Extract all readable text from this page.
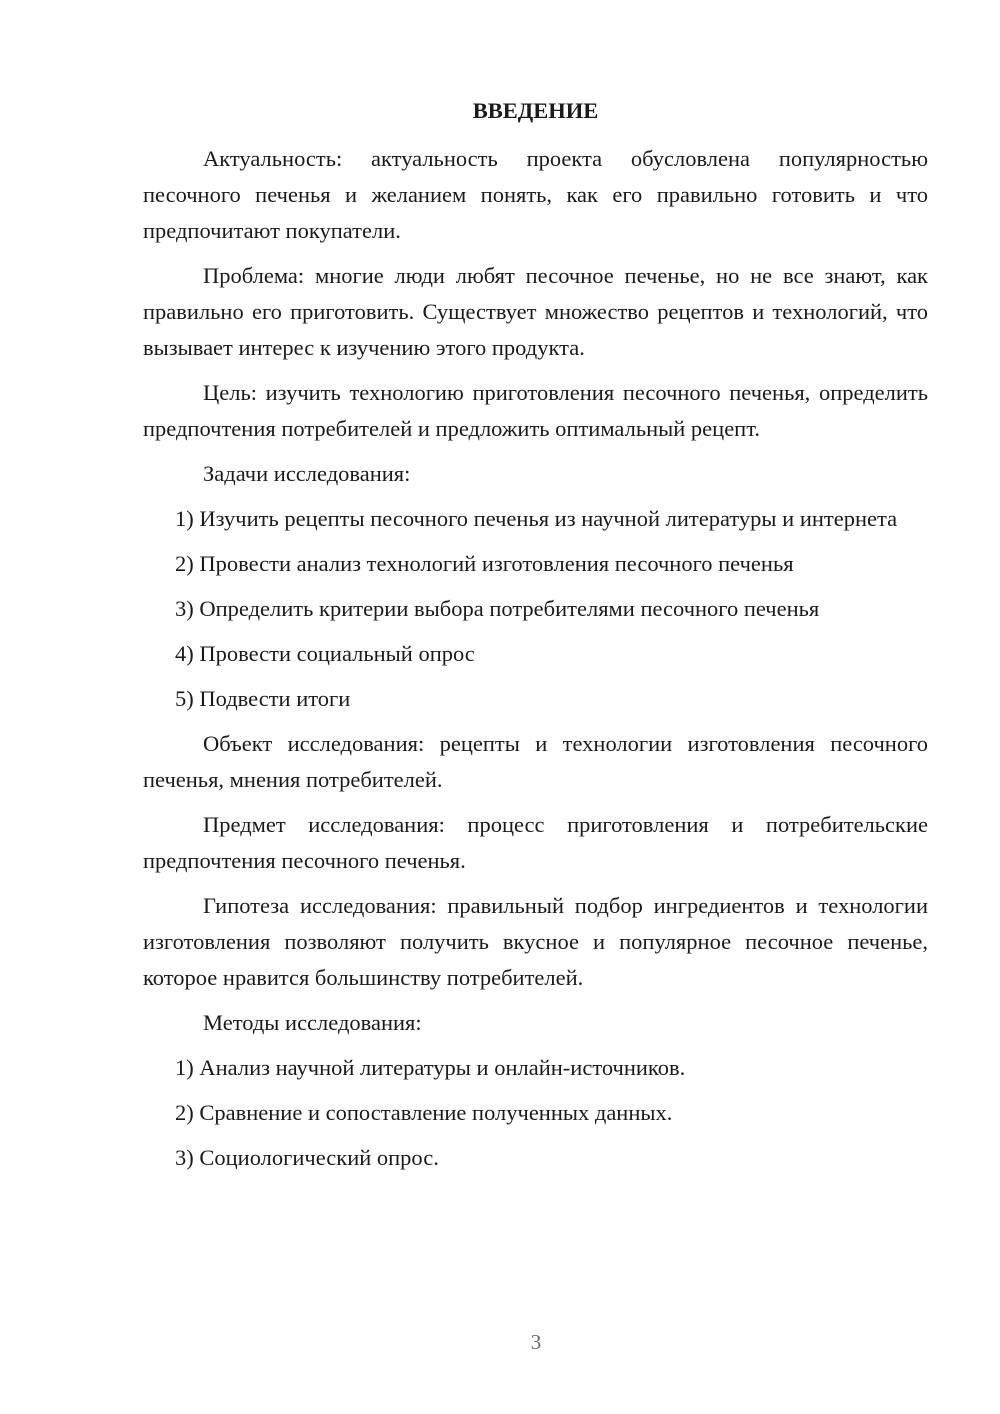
ВВЕДЕНИЕ

Актуальность: актуальность проекта обусловлена популярностью песочного печенья и желанием понять, как его правильно готовить и что предпочитают покупатели.

Проблема: многие люди любят песочное печенье, но не все знают, как правильно его приготовить. Существует множество рецептов и технологий, что вызывает интерес к изучению этого продукта.

Цель: изучить технологию приготовления песочного печенья, определить предпочтения потребителей и предложить оптимальный рецепт.

Задачи исследования:

1) Изучить рецепты песочного печенья из научной литературы и интернета

2) Провести анализ технологий изготовления песочного печенья

3) Определить критерии выбора потребителями песочного печенья

4) Провести социальный опрос

5) Подвести итоги

Объект исследования: рецепты и технологии изготовления песочного печенья, мнения потребителей.

Предмет исследования: процесс приготовления и потребительские предпочтения песочного печенья.

Гипотеза исследования: правильный подбор ингредиентов и технологии изготовления позволяют получить вкусное и популярное песочное печенье, которое нравится большинству потребителей.

Методы исследования:

1) Анализ научной литературы и онлайн-источников.

2) Сравнение и сопоставление полученных данных.

3) Социологический опрос.

3
